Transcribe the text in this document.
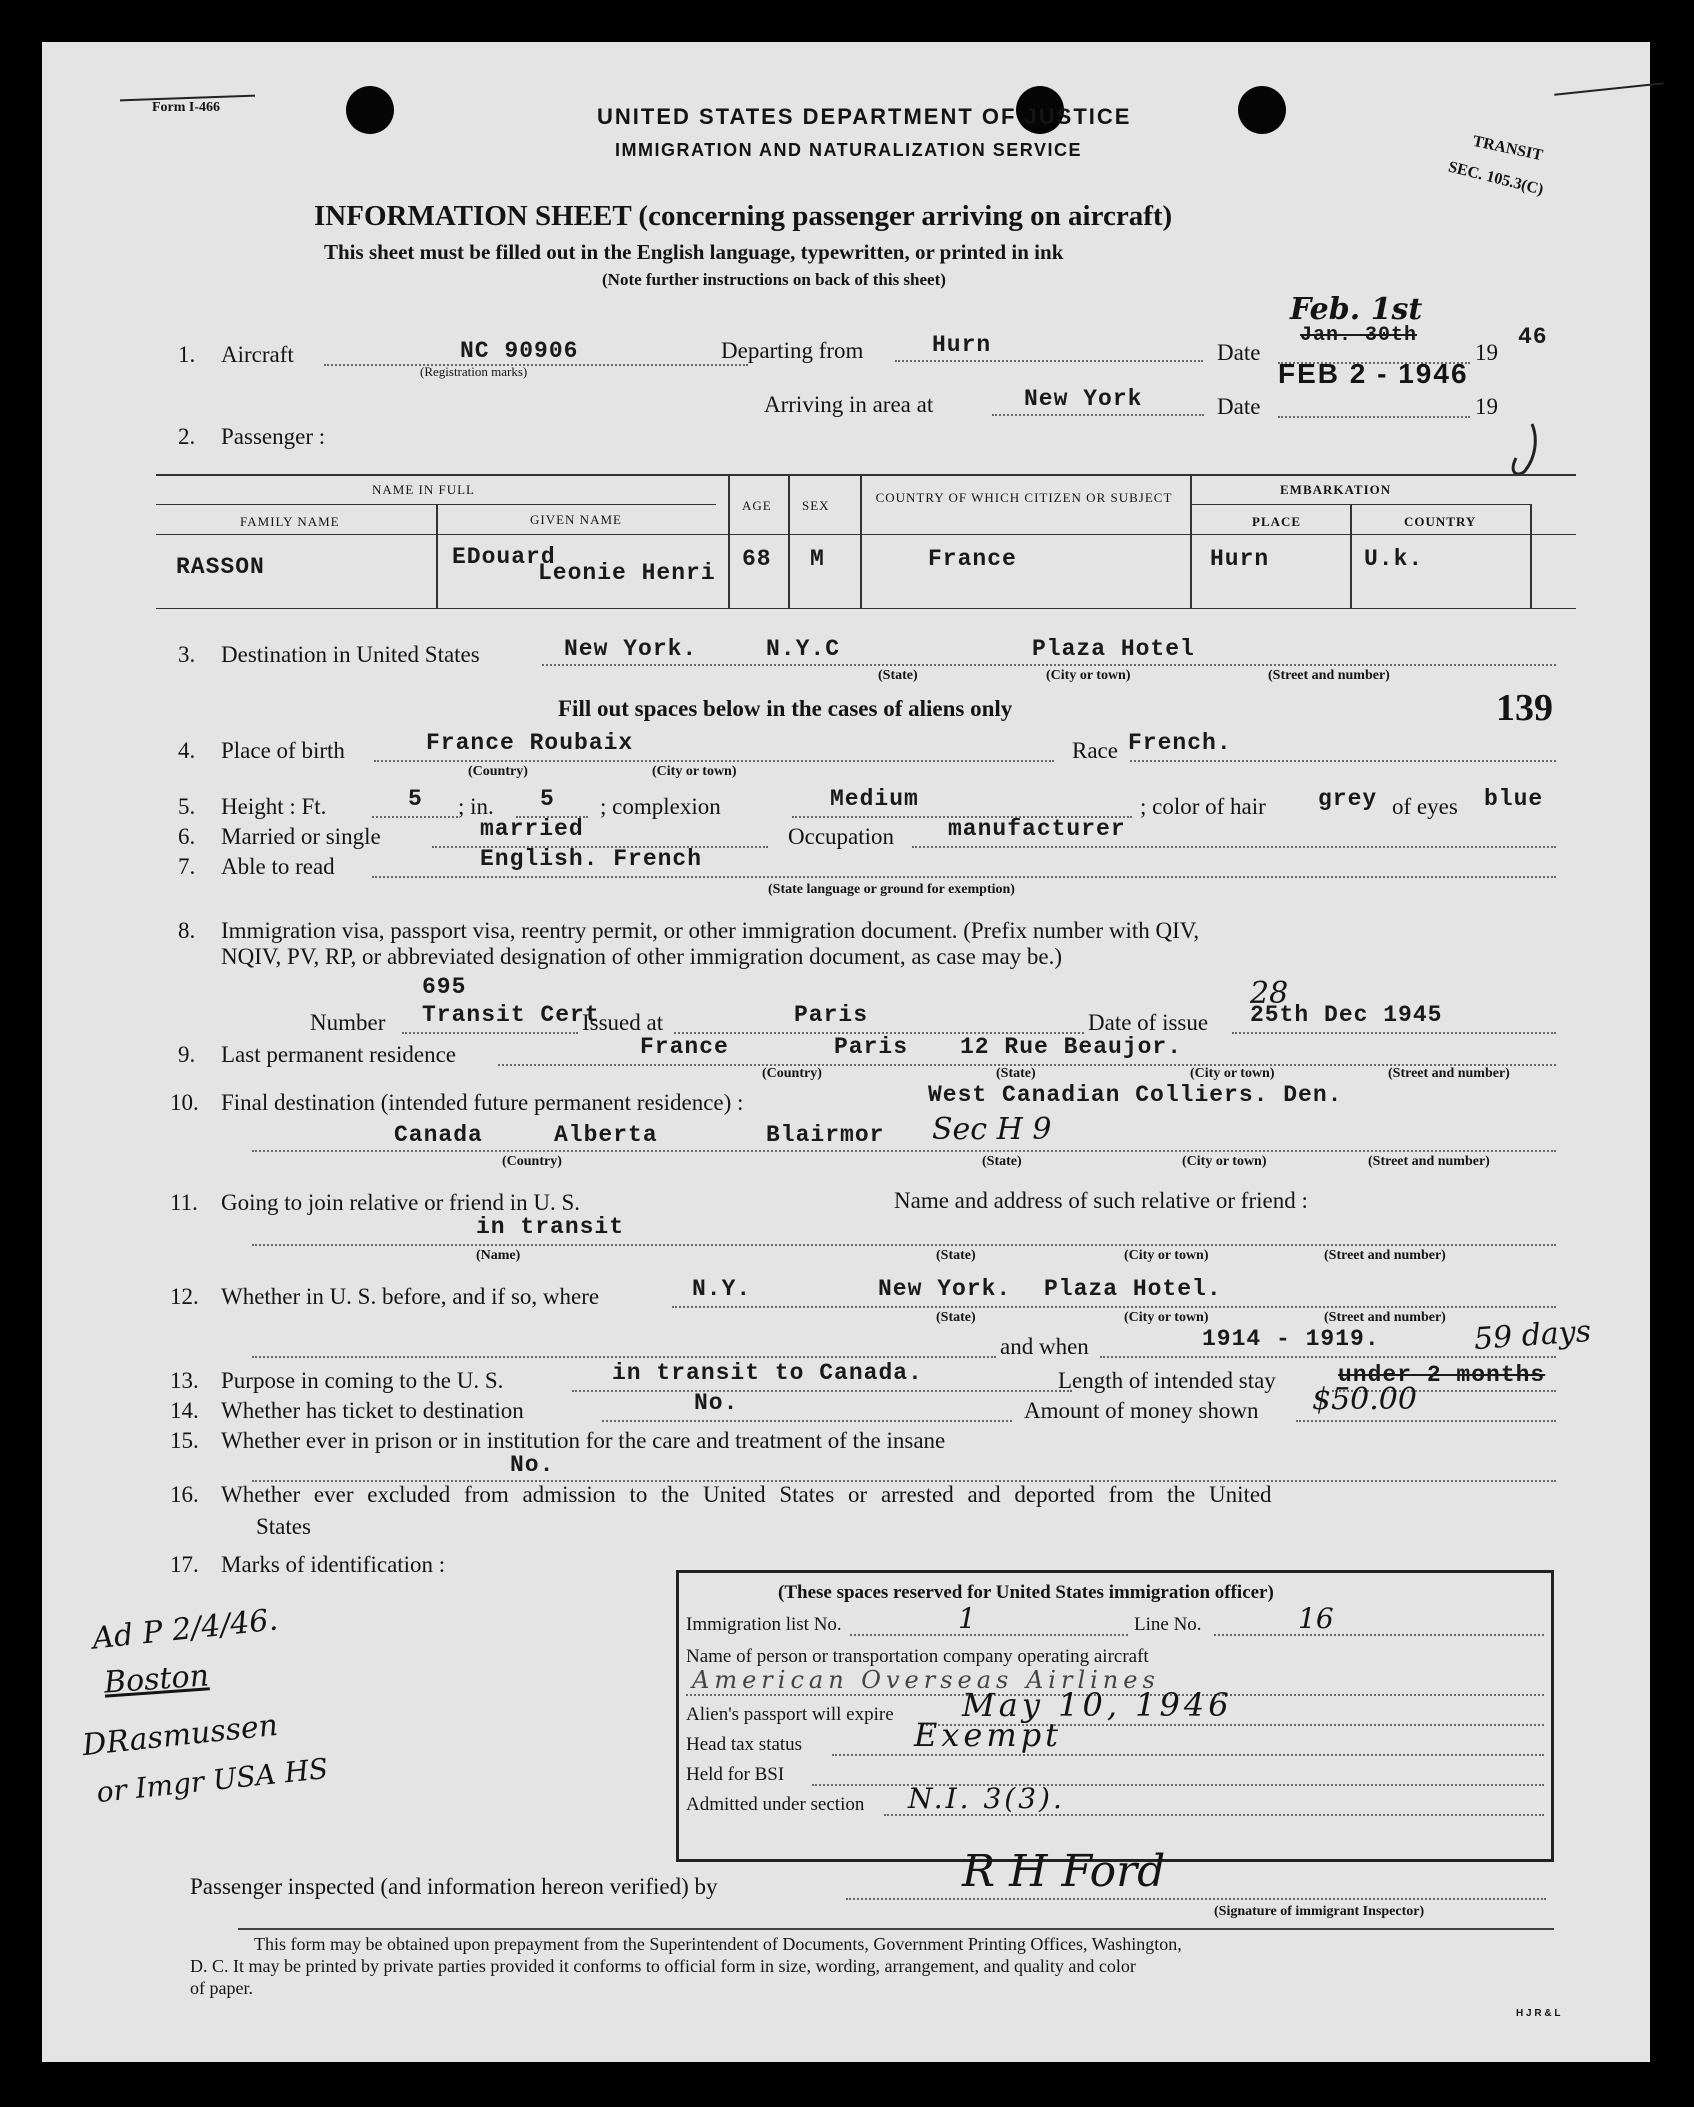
Form I-466	UNITED STATES DEPARTMENT OF JUSTICE
IMMIGRATION AND NATURALIZATION SERVICE	TRANSIT
SEC. 105.3(C)
INFORMATION SHEET (concerning passenger arriving on aircraft)
This sheet must be filled out in the English language, typewritten, or printed in ink
(Note further instructions on back of this sheet)
1. Aircraft	NC 90906
(Registration marks)
Departing from	Hurn	Date
Jan. 30th
Feb. 1st
FEB 2 - 1946
19
46
Arriving in area at	New York	Date	19
2. Passenger :
NAME IN FULL
FAMILY NAME	GIVEN NAME
AGE SEX
COUNTRY OF WHICH CITIZEN OR SUBJECT
EMBARKATION
PLACE	COUNTRY
RASSON	EDouard
Leonie Henri
68 M	France	Hurn	U.k.
3. Destination in United States	New York.	N.Y.C	Plaza Hotel
(State)	(City or town)	(Street and number)
Fill out spaces below in the cases of aliens only	139
4. Place of birth	France Roubaix
(Country)	(City or town)
Race French.
5. Height : Ft.	5 ; in. 5 ; complexion	Medium	; color of hair grey of eyes blue
6. Married or single	married	Occupation manufacturer
7. Able to read	English. French
(State language or ground for exemption)
8. Immigration visa, passport visa, reentry permit, or other immigration document. (Prefix number with QIV,
NQIV, PV, RP, or abbreviated designation of other immigration document, as case may be.)
695
Number Transit Cert
Issued at	Paris	Date of issue 25th Dec 1945
28
9. Last permanent residence	France	Paris 12 Rue Beaujor.
(Country)	(State)	(City or town)	(Street and number)
10. Final destination (intended future permanent residence) :	West Canadian Colliers. Den.
Canada	Alberta	Blairmor Sec H 9
(Country)	(State)	(City or town)	(Street and number)
11. Going to join relative or friend in U. S.	Name and address of such relative or friend :
in transit
(Name)	(State)	(City or town)	(Street and number)
12. Whether in U. S. before, and if so, where	N.Y.	New York. Plaza Hotel.
(State)	(City or town)	(Street and number)
and when	1914 - 1919.	59 days
13. Purpose in coming to the U. S.	in transit to Canada.	Length of intended stay	under 2 months
14. Whether has ticket to destination	No.	Amount of money shown $50.00
15. Whether ever in prison or in institution for the care and treatment of the insane
No.
16. Whether ever excluded from admission to the United States or arrested and deported from the United
States
17. Marks of identification :
Ad P 2/4/46.
Boston
DRasmussen
or Imgr USA HS
(These spaces reserved for United States immigration officer)
Immigration list No.	1	Line No.	16
Name of person or transportation company operating aircraft
American Overseas Airlines
Alien's passport will expire May 10, 1946
Head tax status	Exempt
Held for BSI
Admitted under section N.I. 3(3).
Passenger inspected (and information hereon verified) by	R H Ford
(Signature of immigrant Inspector)
This form may be obtained upon prepayment from the Superintendent of Documents, Government Printing Offices, Washington,
D. C. It may be printed by private parties provided it conforms to official form in size, wording, arrangement, and quality and color
of paper.
H J R & L
